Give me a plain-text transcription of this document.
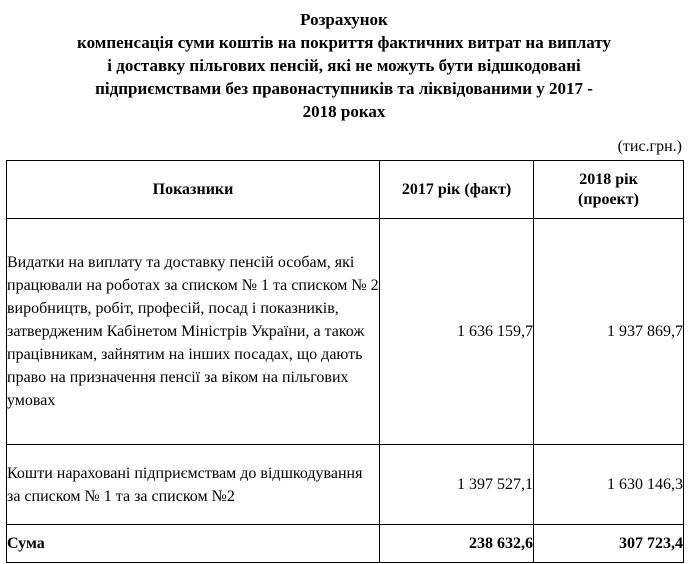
Розрахунок
компенсація суми коштів на покриття фактичних витрат на виплату
і доставку пільгових пенсій, які не можуть бути відшкодовані
підприємствами без правонаступників та ліквідованими у 2017 -
2018 роках
(тис.грн.)
Показники	2017 рік (факт)	2018 рік
(проект)
Видатки на виплату та доставку пенсій особам, які працювали на роботах за списком № 1 та списком № 2 виробництв, робіт, професій, посад і показників, затвердженим Кабінетом Міністрів України, а також працівникам, зайнятим на інших посадах, що дають право на призначення пенсії за віком на пільгових умовах	1 636 159,7	1 937 869,7
Кошти нараховані підприємствам до відшкодування за списком № 1 та за списком №2	1 397 527,1	1 630 146,3
Сума	238 632,6	307 723,4
